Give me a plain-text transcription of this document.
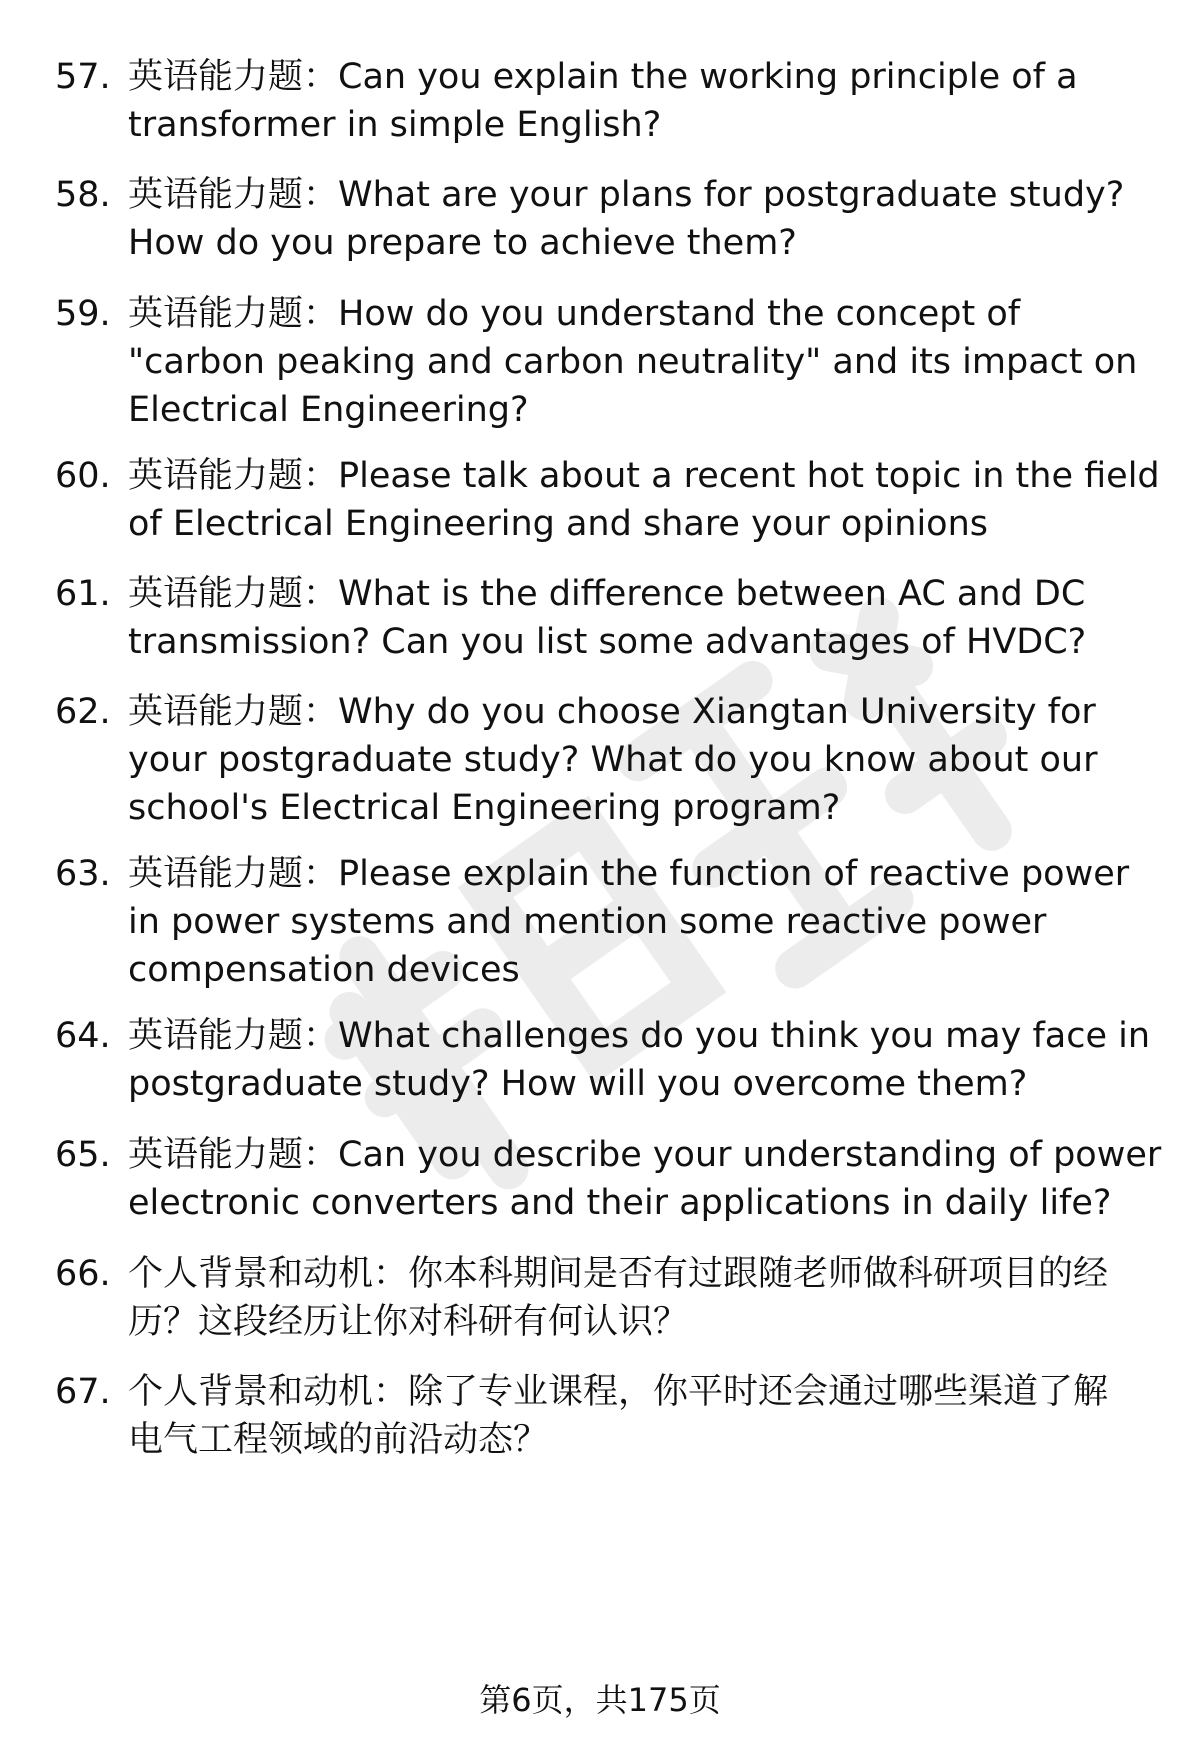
57. 英语能力题：Can you explain the working principle of a
transformer in simple English?
58. 英语能力题：What are your plans for postgraduate study?
How do you prepare to achieve them?
59. 英语能力题：How do you understand the concept of
"carbon peaking and carbon neutrality" and its impact on
Electrical Engineering?
60. 英语能力题：Please talk about a recent hot topic in the field
of Electrical Engineering and share your opinions
61. 英语能力题：What is the difference between AC and DC
transmission? Can you list some advantages of HVDC?
62. 英语能力题：Why do you choose Xiangtan University for
your postgraduate study? What do you know about our
school's Electrical Engineering program?
63. 英语能力题：Please explain the function of reactive power
in power systems and mention some reactive power
compensation devices
64. 英语能力题：What challenges do you think you may face in
postgraduate study? How will you overcome them?
65. 英语能力题：Can you describe your understanding of power
electronic converters and their applications in daily life?
66. 个人背景和动机：你本科期间是否有过跟随老师做科研项目的经
历？这段经历让你对科研有何认识？
67. 个人背景和动机：除了专业课程，你平时还会通过哪些渠道了解
电气工程领域的前沿动态？
第6页，共175页
